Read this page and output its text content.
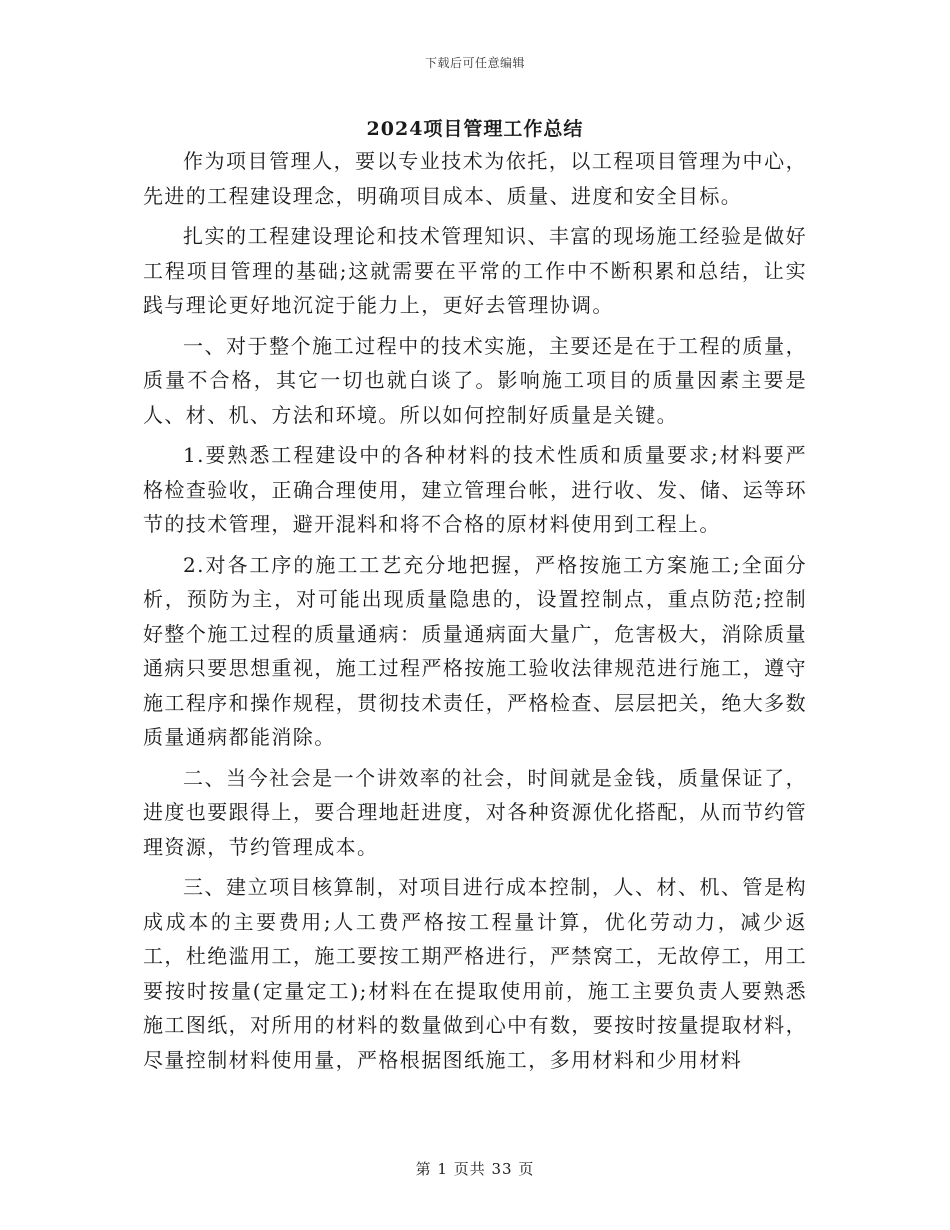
下载后可任意编辑
2024项目管理工作总结

作为项目管理人，要以专业技术为依托，以工程项目管理为中心，先进的工程建设理念，明确项目成本、质量、进度和安全目标。

扎实的工程建设理论和技术管理知识、丰富的现场施工经验是做好工程项目管理的基础;这就需要在平常的工作中不断积累和总结，让实践与理论更好地沉淀于能力上，更好去管理协调。

一、对于整个施工过程中的技术实施，主要还是在于工程的质量，质量不合格，其它一切也就白谈了。影响施工项目的质量因素主要是人、材、机、方法和环境。所以如何控制好质量是关键。

1.要熟悉工程建设中的各种材料的技术性质和质量要求;材料要严格检查验收，正确合理使用，建立管理台帐，进行收、发、储、运等环节的技术管理，避开混料和将不合格的原材料使用到工程上。

2.对各工序的施工工艺充分地把握，严格按施工方案施工;全面分析，预防为主，对可能出现质量隐患的，设置控制点，重点防范;控制好整个施工过程的质量通病：质量通病面大量广，危害极大，消除质量通病只要思想重视，施工过程严格按施工验收法律规范进行施工，遵守施工程序和操作规程，贯彻技术责任，严格检查、层层把关，绝大多数质量通病都能消除。

二、当今社会是一个讲效率的社会，时间就是金钱，质量保证了，进度也要跟得上，要合理地赶进度，对各种资源优化搭配，从而节约管理资源，节约管理成本。

三、建立项目核算制，对项目进行成本控制，人、材、机、管是构成成本的主要费用;人工费严格按工程量计算，优化劳动力，减少返工，杜绝滥用工，施工要按工期严格进行，严禁窝工，无故停工，用工要按时按量(定量定工);材料在在提取使用前，施工主要负责人要熟悉施工图纸，对所用的材料的数量做到心中有数，要按时按量提取材料，尽量控制材料使用量，严格根据图纸施工，多用材料和少用材料

第 1 页共 33 页
